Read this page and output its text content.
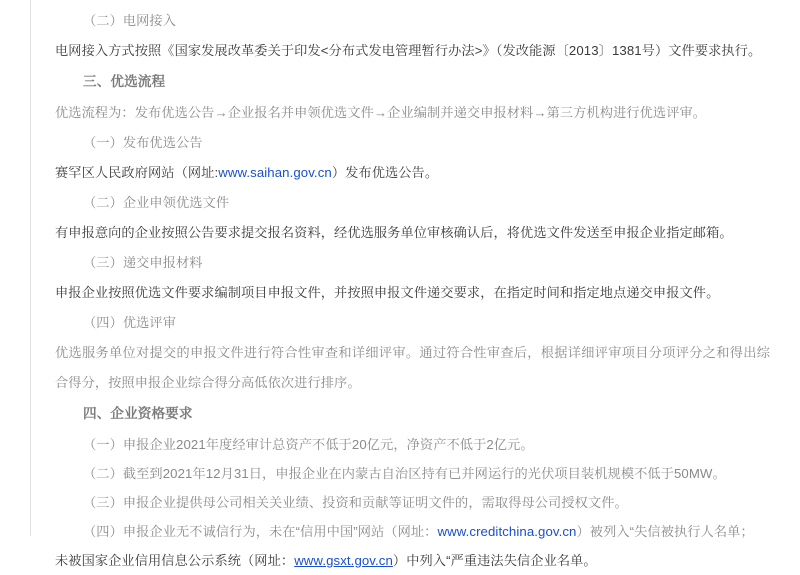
（二）电网接入

电网接入方式按照《国家发展改革委关于印发<分布式发电管理暂行办法>》（发改能源〔2013〕1381号）文件要求执行。

三、优选流程

优选流程为：发布优选公告→企业报名并申领优选文件→企业编制并递交申报材料→第三方机构进行优选评审。

（一）发布优选公告

赛罕区人民政府网站（网址:www.saihan.gov.cn）发布优选公告。

（二）企业申领优选文件

有申报意向的企业按照公告要求提交报名资料，经优选服务单位审核确认后，将优选文件发送至申报企业指定邮箱。

（三）递交申报材料

申报企业按照优选文件要求编制项目申报文件，并按照申报文件递交要求，在指定时间和指定地点递交申报文件。

（四）优选评审

优选服务单位对提交的申报文件进行符合性审查和详细评审。通过符合性审查后，根据详细评审项目分项评分之和得出综合得分，按照申报企业综合得分高低依次进行排序。

四、企业资格要求

（一）申报企业2021年度经审计总资产不低于20亿元，净资产不低于2亿元。

（二）截至到2021年12月31日，申报企业在内蒙古自治区持有已并网运行的光伏项目装机规模不低于50MW。

（三）申报企业提供母公司相关关业绩、投资和贡献等证明文件的，需取得母公司授权文件。

（四）申报企业无不诚信行为，未在“信用中国”网站（网址：www.creditchina.gov.cn）被列入“失信被执行人名单；

未被国家企业信用信息公示系统（网址：www.gsxt.gov.cn）中列入“严重违法失信企业名单。
